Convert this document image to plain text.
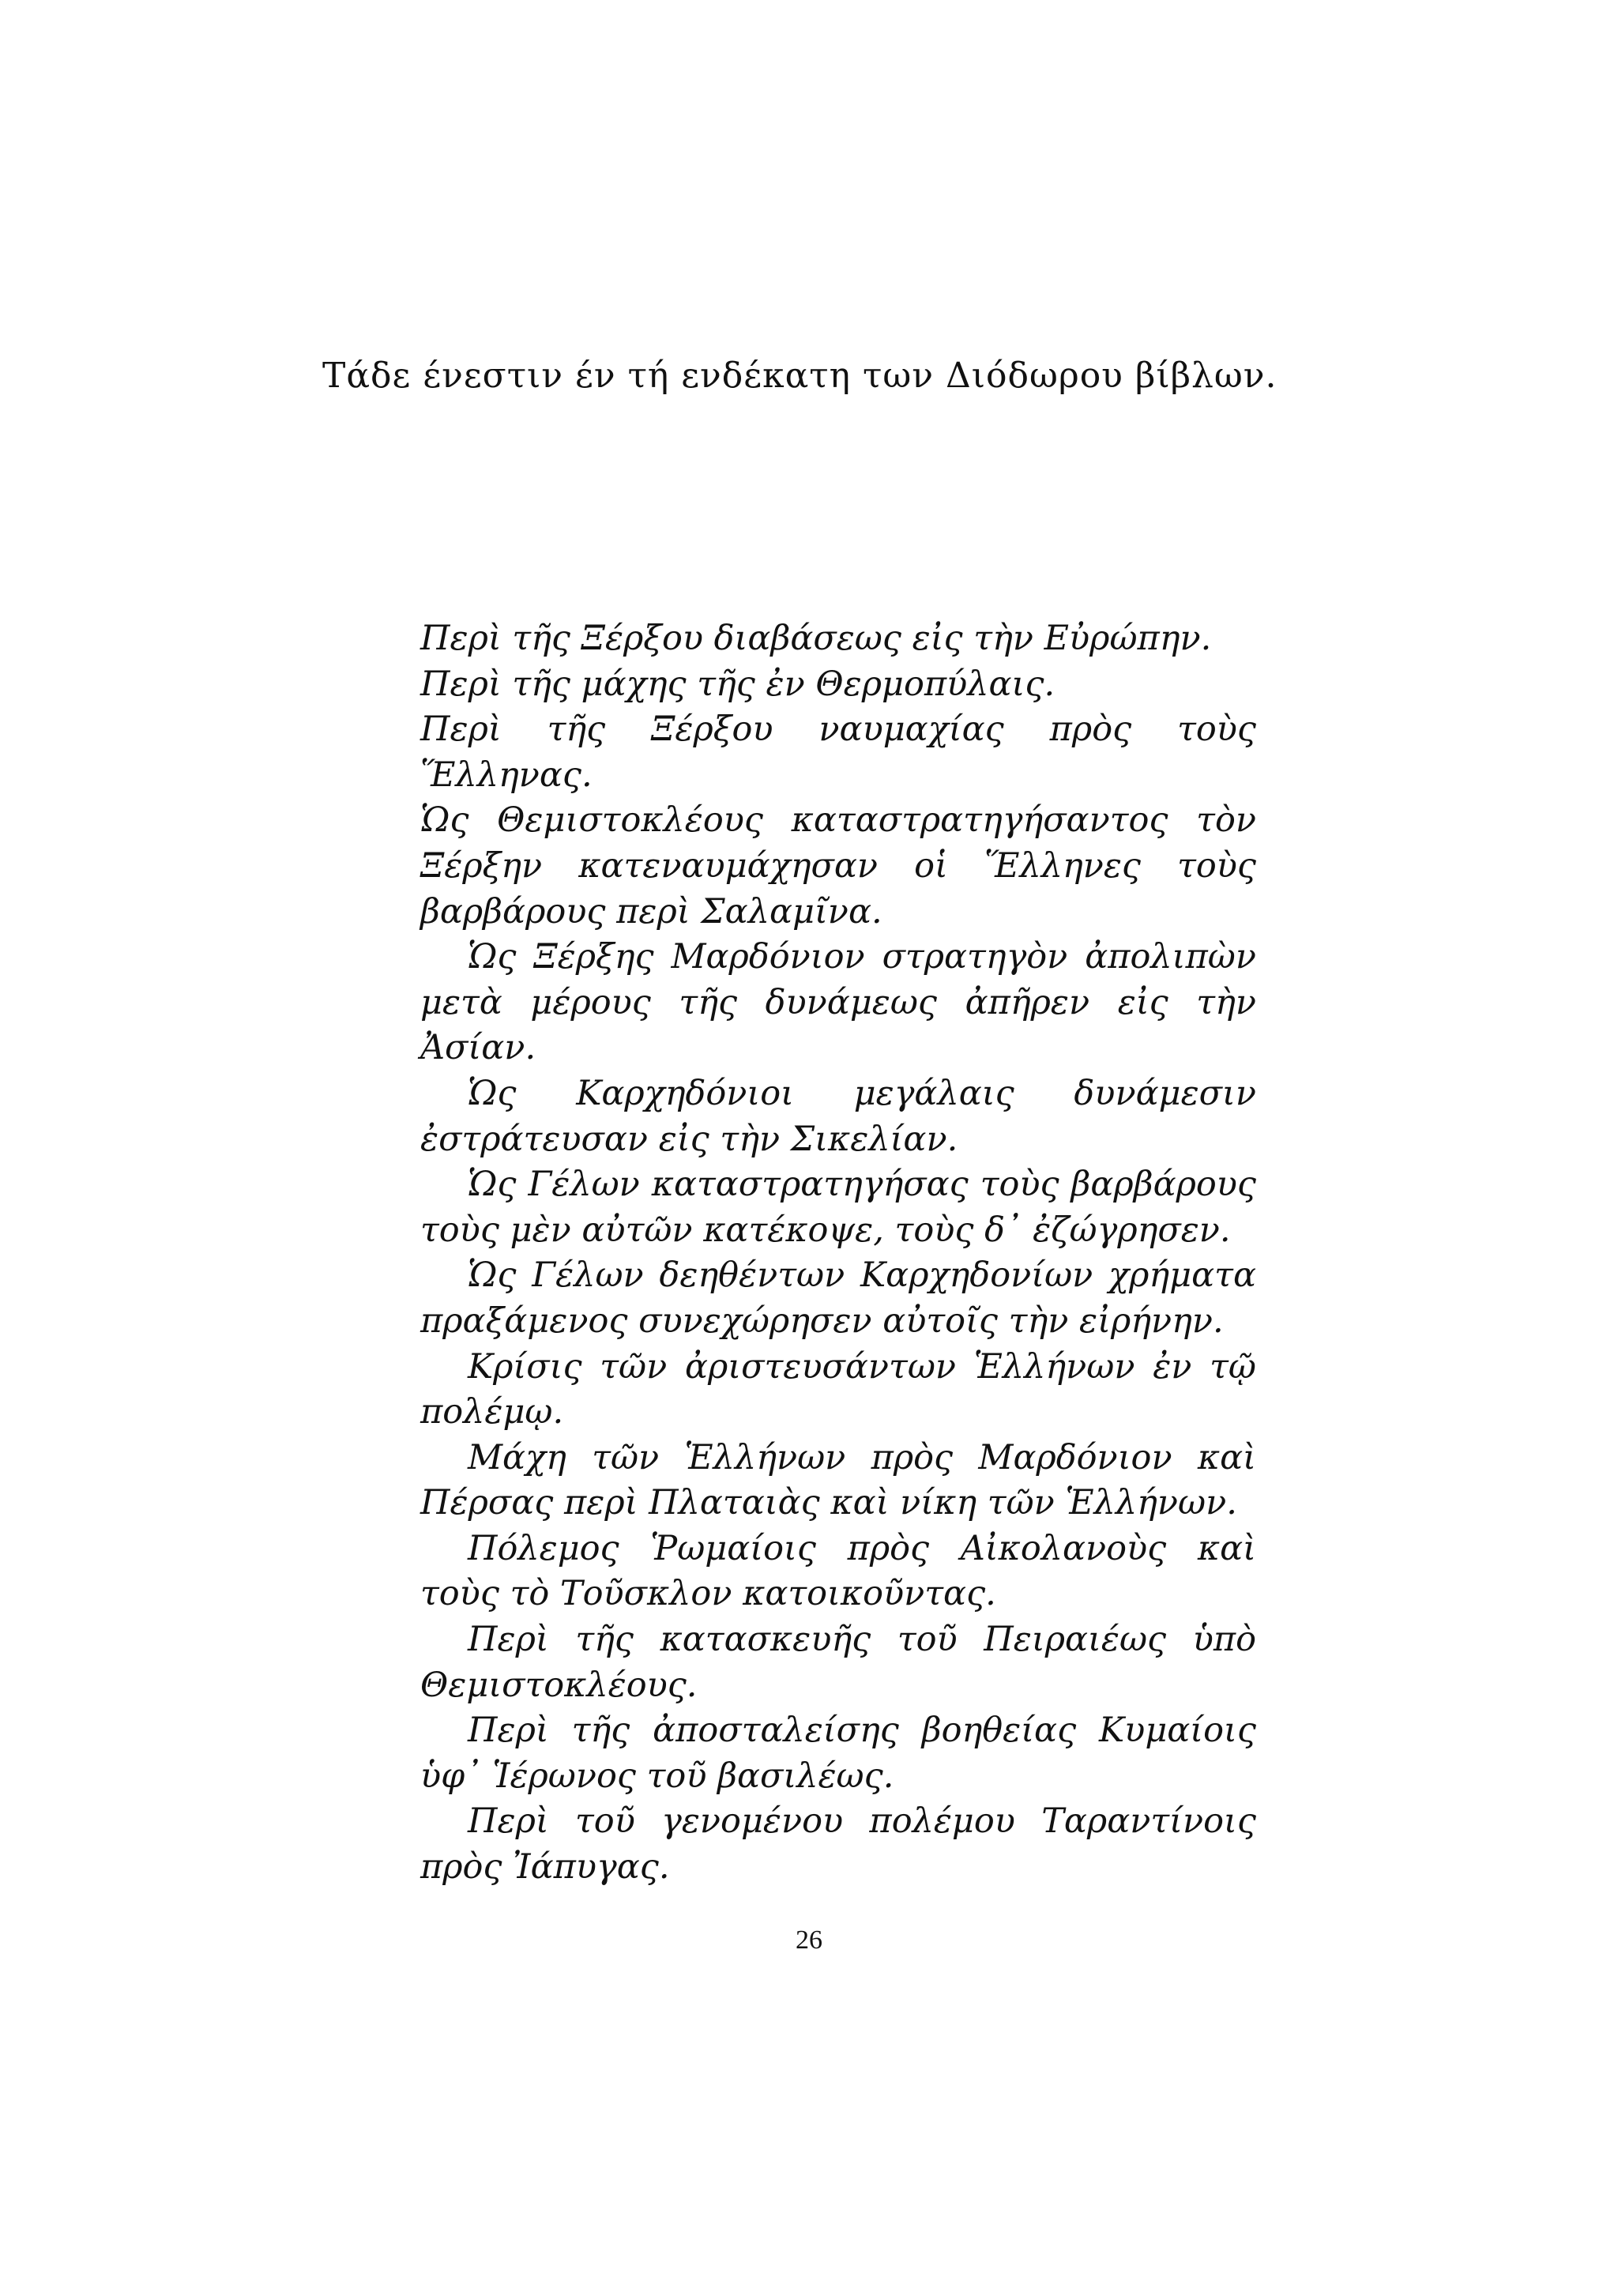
Τάδε ένεστιν έν τή ενδέκατη των Διόδωρου βίβλων.

Περὶ τῆς Ξέρξου διαβάσεως εἰς τὴν Εὐρώπην.

Περὶ τῆς μάχης τῆς ἐν Θερμοπύλαις.

Περὶ τῆς Ξέρξου ναυμαχίας πρὸς τοὺς Ἕλληνας.

Ὡς Θεμιστοκλέους καταστρατηγήσαντος τὸν Ξέρξην κατεναυμάχησαν οἱ Ἕλληνες τοὺς βαρβάρους περὶ Σαλαμῖνα.

Ὡς Ξέρξης Μαρδόνιον στρατηγὸν ἀπολιπὼν μετὰ μέρους τῆς δυνάμεως ἀπῆρεν εἰς τὴν Ἀσίαν.

Ὡς Καρχηδόνιοι μεγάλαις δυνάμεσιν ἐστράτευσαν εἰς τὴν Σικελίαν.

Ὡς Γέλων καταστρατηγήσας τοὺς βαρβάρους τοὺς μὲν αὐτῶν κατέκοψε, τοὺς δ᾽ ἐζώγρησεν.

Ὡς Γέλων δεηθέντων Καρχηδονίων χρήματα πραξάμενος συνεχώρησεν αὐτοῖς τὴν εἰρήνην.

Κρίσις τῶν ἀριστευσάντων Ἑλλήνων ἐν τῷ πολέμῳ.

Μάχη τῶν Ἑλλήνων πρὸς Μαρδόνιον καὶ Πέρσας περὶ Πλαταιὰς καὶ νίκη τῶν Ἑλλήνων.

Πόλεμος Ῥωμαίοις πρὸς Αἰκολανοὺς καὶ τοὺς τὸ Τοῦσκλον κατοικοῦντας.

Περὶ τῆς κατασκευῆς τοῦ Πειραιέως ὑπὸ Θεμιστοκλέους.

Περὶ τῆς ἀποσταλείσης βοηθείας Κυμαίοις ὑφ᾽ Ἱέρωνος τοῦ βασιλέως.

Περὶ τοῦ γενομένου πολέμου Ταραντίνοις πρὸς Ἰάπυγας.

26
